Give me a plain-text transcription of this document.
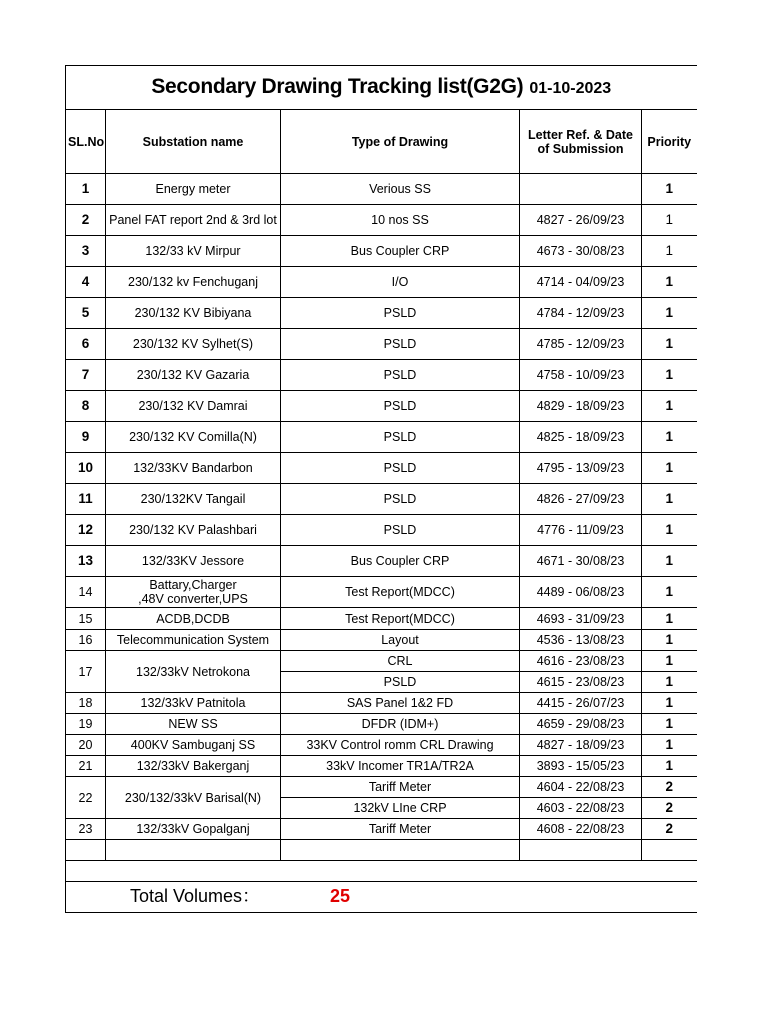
Secondary Drawing Tracking list(G2G) 01-10-2023				
SL.No	Substation name	Type of Drawing	Letter Ref. & Date of Submission	Priority
1	Energy meter	Verious SS		1
2	Panel FAT report 2nd & 3rd lot	10 nos SS	4827 - 26/09/23	1
3	132/33 kV Mirpur	Bus Coupler CRP	4673 - 30/08/23	1
4	230/132 kv Fenchuganj	I/O	4714 - 04/09/23	1
5	230/132 KV Bibiyana	PSLD	4784 - 12/09/23	1
6	230/132 KV Sylhet(S)	PSLD	4785 - 12/09/23	1
7	230/132 KV Gazaria	PSLD	4758 - 10/09/23	1
8	230/132 KV Damrai	PSLD	4829 - 18/09/23	1
9	230/132 KV Comilla(N)	PSLD	4825 - 18/09/23	1
10	132/33KV Bandarbon	PSLD	4795 - 13/09/23	1
11	230/132KV Tangail	PSLD	4826 - 27/09/23	1
12	230/132 KV Palashbari	PSLD	4776 - 11/09/23	1
13	132/33KV Jessore	Bus Coupler CRP	4671 - 30/08/23	1
14	Battary,Charger
,48V converter,UPS	Test Report(MDCC)	4489 - 06/08/23	1
15	ACDB,DCDB	Test Report(MDCC)	4693 - 31/09/23	1
16	Telecommunication System	Layout	4536 - 13/08/23	1
17	132/33kV Netrokona	CRL	4616 - 23/08/23	1
		PSLD	4615 - 23/08/23	1
18	132/33kV Patnitola	SAS Panel 1&2 FD	4415 - 26/07/23	1
19	NEW SS	DFDR (IDM+)	4659 - 29/08/23	1
20	400KV Sambuganj SS	33KV Control romm CRL Drawing	4827 - 18/09/23	1
21	132/33kV Bakerganj	33kV Incomer TR1A/TR2A	3893 - 15/05/23	1
22	230/132/33kV Barisal(N)	Tariff Meter	4604 - 22/08/23	2
		132kV LIne CRP	4603 - 22/08/23	2
23	132/33kV Gopalganj	Tariff Meter	4608 - 22/08/23	2

Total Volumes： 25				
